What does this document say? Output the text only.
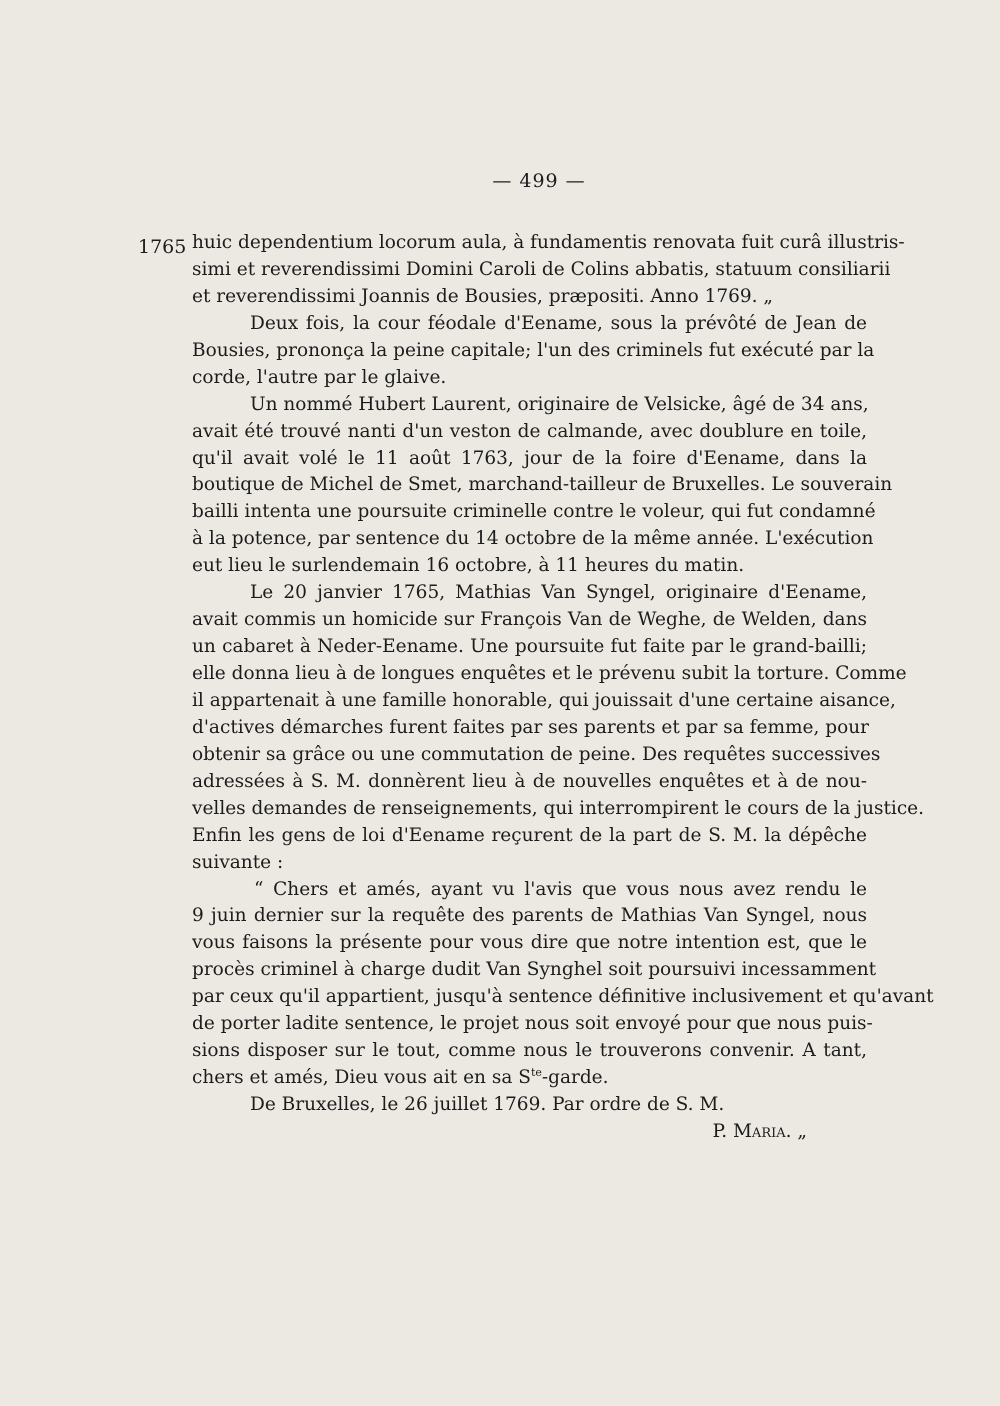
— 499 —
1765 huic dependentium locorum aula, à fundamentis renovata fuit curâ illustris-
simi et reverendissimi Domini Caroli de Colins abbatis, statuum consiliarii
et reverendissimi Joannis de Bousies, præpositi. Anno 1769. „
Deux fois, la cour féodale d'Eename, sous la prévôté de Jean de
Bousies, prononça la peine capitale; l'un des criminels fut exécuté par la
corde, l'autre par le glaive.
Un nommé Hubert Laurent, originaire de Velsicke, âgé de 34 ans,
avait été trouvé nanti d'un veston de calmande, avec doublure en toile,
qu'il avait volé le 11 août 1763, jour de la foire d'Eename, dans la
boutique de Michel de Smet, marchand-tailleur de Bruxelles. Le souverain
bailli intenta une poursuite criminelle contre le voleur, qui fut condamné
à la potence, par sentence du 14 octobre de la même année. L'exécution
eut lieu le surlendemain 16 octobre, à 11 heures du matin.
Le 20 janvier 1765, Mathias Van Syngel, originaire d'Eename,
avait commis un homicide sur François Van de Weghe, de Welden, dans
un cabaret à Neder-Eename. Une poursuite fut faite par le grand-bailli;
elle donna lieu à de longues enquêtes et le prévenu subit la torture. Comme
il appartenait à une famille honorable, qui jouissait d'une certaine aisance,
d'actives démarches furent faites par ses parents et par sa femme, pour
obtenir sa grâce ou une commutation de peine. Des requêtes successives
adressées à S. M. donnèrent lieu à de nouvelles enquêtes et à de nou-
velles demandes de renseignements, qui interrompirent le cours de la justice.
Enfin les gens de loi d'Eename reçurent de la part de S. M. la dépêche
suivante :
“ Chers et amés, ayant vu l'avis que vous nous avez rendu le
9 juin dernier sur la requête des parents de Mathias Van Syngel, nous
vous faisons la présente pour vous dire que notre intention est, que le
procès criminel à charge dudit Van Synghel soit poursuivi incessamment
par ceux qu'il appartient, jusqu'à sentence définitive inclusivement et qu'avant
de porter ladite sentence, le projet nous soit envoyé pour que nous puis-
sions disposer sur le tout, comme nous le trouverons convenir. A tant,
chers et amés, Dieu vous ait en sa $S^{te}$-garde.
De Bruxelles, le 26 juillet 1769. Par ordre de S. M.
P. Maria. „
